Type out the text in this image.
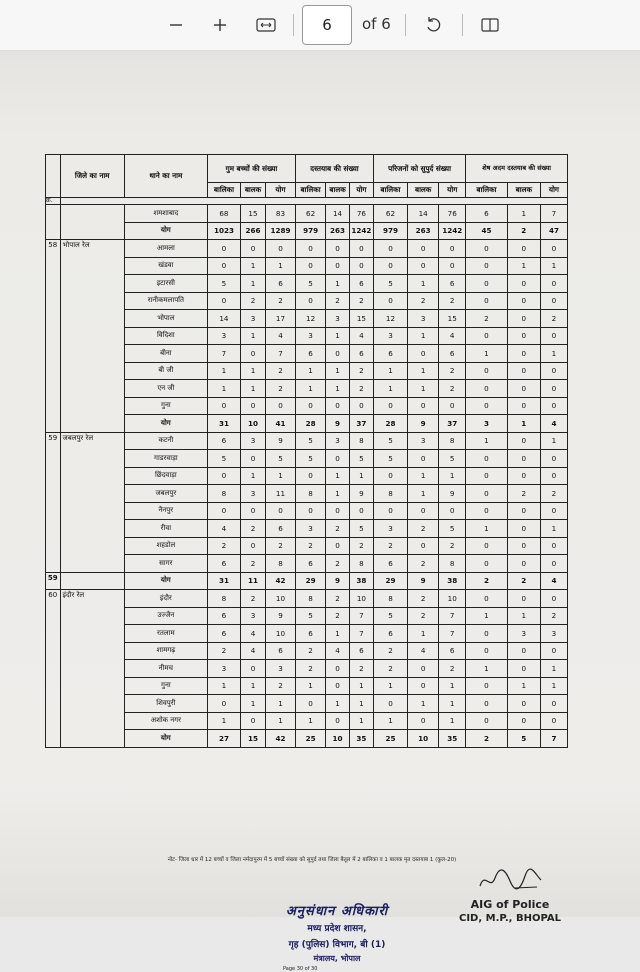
6	of 6
	जिले का नाम	थाने का नाम	गुम बच्चों की संख्या			दस्तयाब की संख्या			परिजनों को सुपुर्द संख्या			शेष अदम दस्तयाब की संख्या		
			बालिका	बालक	योग	बालिका	बालक	योग	बालिका	बालक	योग	बालिका	बालक	योग
क्र.														
		शमशाबाद	68	15	83	62	14	76	62	14	76	6	1	7
		योग	1023	266	1289	979	263	1242	979	263	1242	45	2	47
58	भोपाल रेल	आमला	0	0	0	0	0	0	0	0	0	0	0	0
		खंडवा	0	1	1	0	0	0	0	0	0	0	1	1
		इटारसी	5	1	6	5	1	6	5	1	6	0	0	0
		रानीकमलापति	0	2	2	0	2	2	0	2	2	0	0	0
		भोपाल	14	3	17	12	3	15	12	3	15	2	0	2
		विदिशा	3	1	4	3	1	4	3	1	4	0	0	0
		बीना	7	0	7	6	0	6	6	0	6	1	0	1
		बी जी	1	1	2	1	1	2	1	1	2	0	0	0
		एन जी	1	1	2	1	1	2	1	1	2	0	0	0
		गुना	0	0	0	0	0	0	0	0	0	0	0	0
		योग	31	10	41	28	9	37	28	9	37	3	1	4
59	जबलपुर रेल	कटनी	6	3	9	5	3	8	5	3	8	1	0	1
		गाडरवाड़ा	5	0	5	5	0	5	5	0	5	0	0	0
		छिंदवाड़ा	0	1	1	0	1	1	0	1	1	0	0	0
		जबलपुर	8	3	11	8	1	9	8	1	9	0	2	2
		नैनपुर	0	0	0	0	0	0	0	0	0	0	0	0
		रीवा	4	2	6	3	2	5	3	2	5	1	0	1
		शहडोल	2	0	2	2	0	2	2	0	2	0	0	0
		सागर	6	2	8	6	2	8	6	2	8	0	0	0
59		योग	31	11	42	29	9	38	29	9	38	2	2	4
60	इंदौर रेल	इंदौर	8	2	10	8	2	10	8	2	10	0	0	0
		उज्जैन	6	3	9	5	2	7	5	2	7	1	1	2
		रतलाम	6	4	10	6	1	7	6	1	7	0	3	3
		शामगढ़	2	4	6	2	4	6	2	4	6	0	0	0
		नीमच	3	0	3	2	0	2	2	0	2	1	0	1
		गुना	1	1	2	1	0	1	1	0	1	0	1	1
		शिवपुरी	0	1	1	0	1	1	0	1	1	0	0	0
		अशोक नगर	1	0	1	1	0	1	1	0	1	0	0	0
		योग	27	15	42	25	10	35	25	10	35	2	5	7
नोट- जिला धार में 12 बच्चों व जिला नर्मदापुरम में 5 बच्चों संख्या को सुपुर्द तथा जिला बैतूल में 2 बालिका व 1 बालक मृत दस्तयाब 1 (कुल-20)
अनुसंधान अधिकारी
मध्य प्रदेश शासन,
गृह (पुलिस) विभाग, बी (1)
मंत्रालय, भोपाल
Page 30 of 30
AIG of Police
CID, M.P., BHOPAL
